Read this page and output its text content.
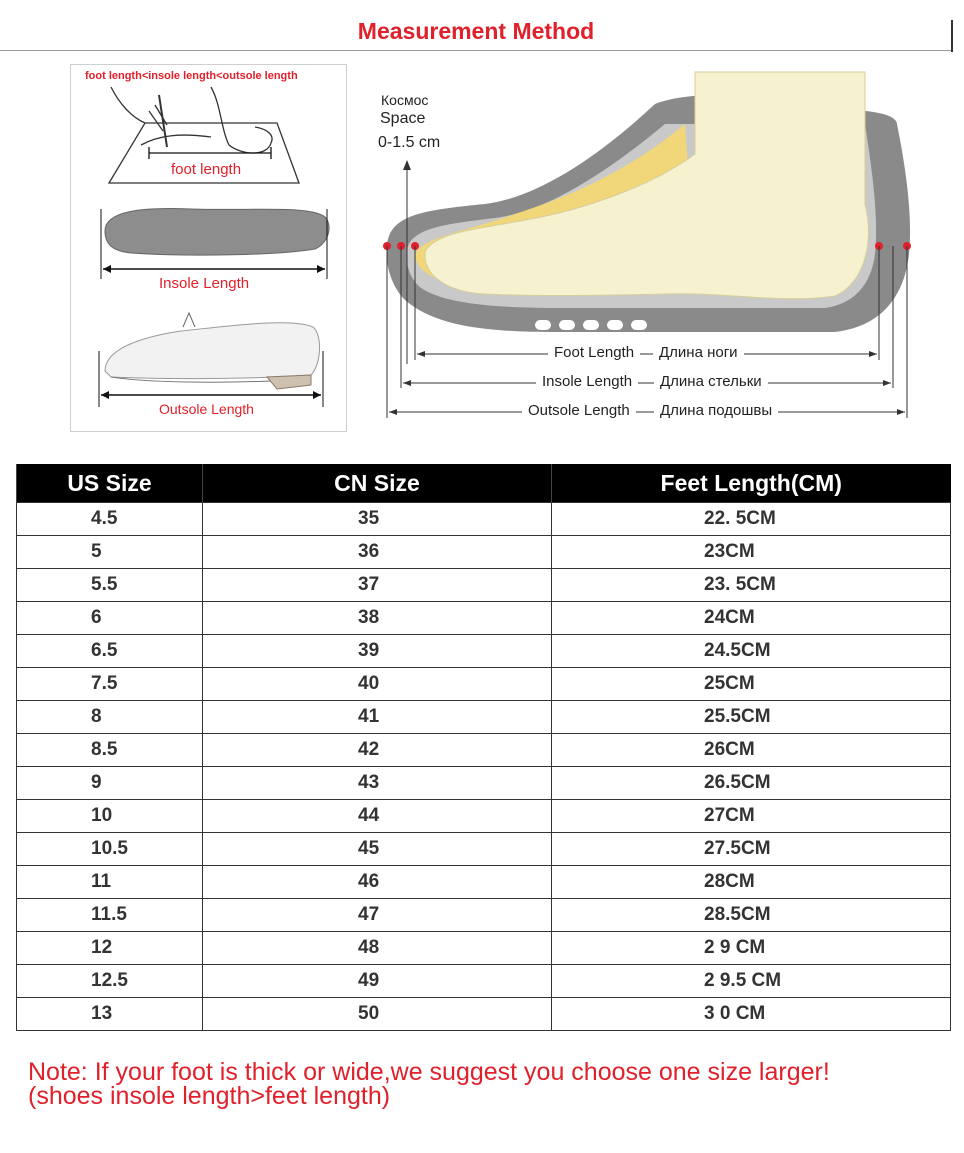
Measurement Method
foot length<insole length<outsole length
foot length
Insole Length
Outsole Length
Космос
Space
0-1.5 cm
Foot Length	Длина ноги
Insole Length	Длина стельки
Outsole Length	Длина подошвы
US Size	CN Size	Feet Length(CM)
4.5	35	22. 5CM
5	36	23CM
5.5	37	23. 5CM
6	38	24CM
6.5	39	24.5CM
7.5	40	25CM
8	41	25.5CM
8.5	42	26CM
9	43	26.5CM
10	44	27CM
10.5	45	27.5CM
11	46	28CM
11.5	47	28.5CM
12	48	2 9 CM
12.5	49	2 9.5 CM
13	50	3 0 CM
Note: If your foot is thick or wide,we suggest you choose one size larger!
(shoes insole length>feet length)
